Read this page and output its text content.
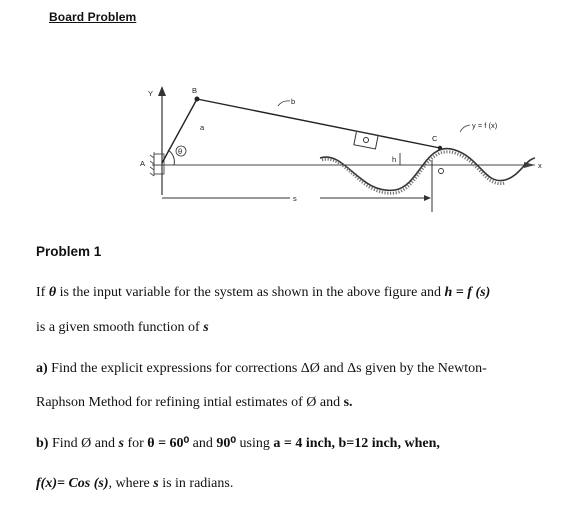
Board Problem
Y
A	x
B
a
θ
b
C
y = f (x)
h
s
Problem 1
If θ is the input variable for the system as shown in the above figure and h = f (s)
is a given smooth function of s
a) Find the explicit expressions for corrections ΔØ and Δs given by the Newton-
Raphson Method for refining intial estimates of Ø and s.
b) Find Ø and s for θ = 60⁰ and 90⁰ using a = 4 inch, b=12 inch, when,
f(x)= Cos (s), where s is in radians.
